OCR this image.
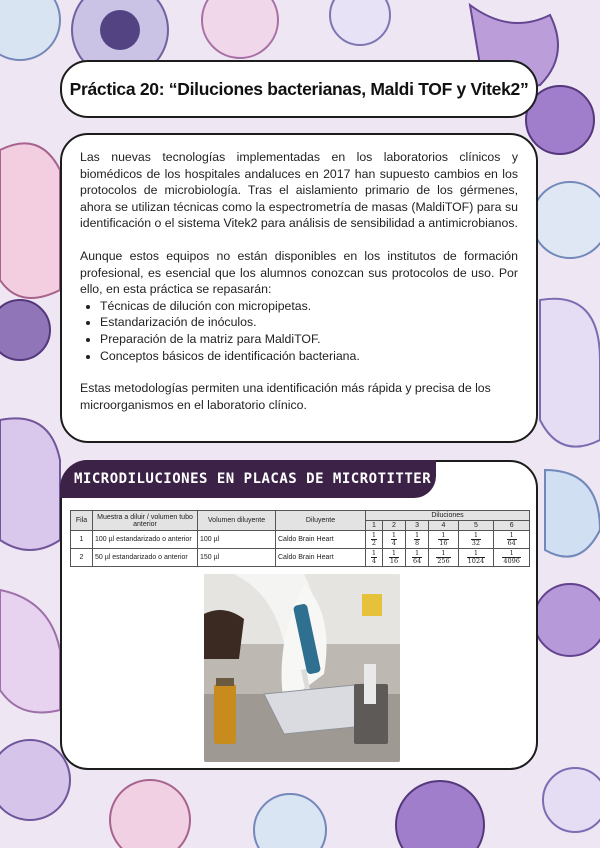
Práctica 20: “Diluciones bacterianas, Maldi TOF y Vitek2”

Las nuevas tecnologías implementadas en los laboratorios clínicos y biomédicos de los hospitales andaluces en 2017 han supuesto cambios en los protocolos de microbiología. Tras el aislamiento primario de los gérmenes, ahora se utilizan técnicas como la espectrometría de masas (MaldiTOF) para su identificación o el sistema Vitek2 para análisis de sensibilidad a antimicrobianos.

Aunque estos equipos no están disponibles en los institutos de formación profesional, es esencial que los alumnos conozcan sus protocolos de uso. Por ello, en esta práctica se repasarán:

• Técnicas de dilución con micropipetas.
• Estandarización de inóculos.
• Preparación de la matriz para MaldiTOF.
• Conceptos básicos de identificación bacteriana.

Estas metodologías permiten una identificación más rápida y precisa de los microorganismos en el laboratorio clínico.

MICRODILUCIONES EN PLACAS DE MICROTITTER
Fila	Muestra a diluir / volumen tubo anterior	Volumen diluyente	Diluyente	Diluciones					
				1	2	3	4	5	6
1	100 µl estandarizado o anterior	100 µl	Caldo Brain Heart	$\frac{1}{2}$	$\frac{1}{4}$	$\frac{1}{8}$	$\frac{1}{16}$	$\frac{1}{32}$	$\frac{1}{64}$

2	50 µl estandarizado o anterior	150 µl	Caldo Brain Heart	$\frac{1}{4}$	$\frac{1}{16}$	$\frac{1}{64}$	$\frac{1}{256}$	$\frac{1}{1024}$	$\frac{1}{4096}$
